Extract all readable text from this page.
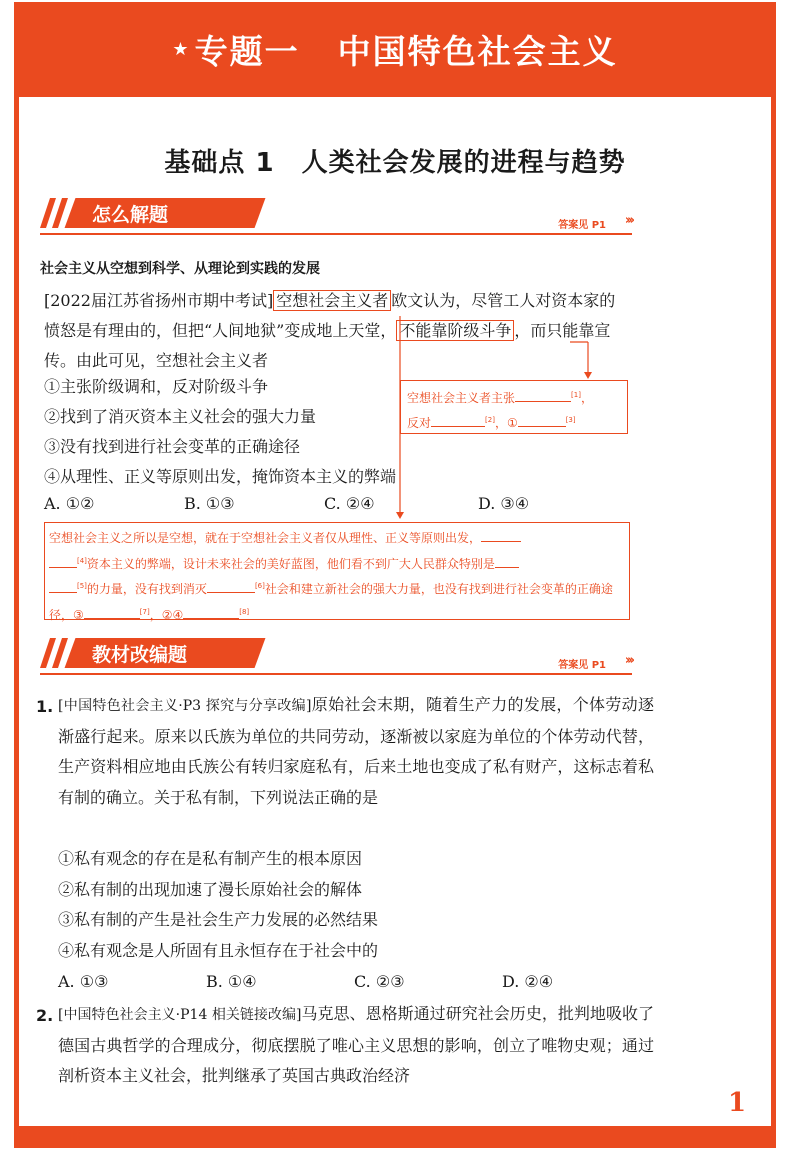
★ 专题一 中国特色社会主义
基础点 1　人类社会发展的进程与趋势
怎么解题	答案见 P1 ›››
社会主义从空想到科学、从理论到实践的发展
[2022届江苏省扬州市期中考试] 空想社会主义者 欧文认为，尽管工人对资本家的愤怒是有理由的，但把“人间地狱”变成地上天堂， 不能靠阶级斗争 ，而只能靠宣传。由此可见，空想社会主义者
①主张阶级调和，反对阶级斗争
②找到了消灭资本主义社会的强大力量
③没有找到进行社会变革的正确途径
④从理性、正义等原则出发，掩饰资本主义的弊端
A. ①②	B. ①③	C. ②④	D. ③④
空想社会主义者主张	[1]，
反对	[2]，①	[3]
空想社会主义之所以是空想，就在于空想社会主义者仅从理性、正义等原则出发，
[4]资本主义的弊端，设计未来社会的美好蓝图，他们看不到广大人民群众特别是
[5]的力量，没有找到消灭	[6]社会和建立新社会的强大力量，也没有找到进行社会变革的正确途径，③	[7]，②④	[8]
教材改编题	答案见 P1 ›››
1. [中国特色社会主义·P3 探究与分享改编]原始社会末期，随着生产力的发展，个体劳动逐渐盛行起来。原来以氏族为单位的共同劳动，逐渐被以家庭为单位的个体劳动代替，生产资料相应地由氏族公有转归家庭私有，后来土地也变成了私有财产，这标志着私有制的确立。关于私有制，下列说法正确的是
①私有观念的存在是私有制产生的根本原因
②私有制的出现加速了漫长原始社会的解体
③私有制的产生是社会生产力发展的必然结果
④私有观念是人所固有且永恒存在于社会中的
A. ①③	B. ①④	C. ②③	D. ②④
2. [中国特色社会主义·P14 相关链接改编]马克思、恩格斯通过研究社会历史，批判地吸收了德国古典哲学的合理成分，彻底摆脱了唯心主义思想的影响，创立了唯物史观；通过剖析资本主义社会，批判继承了英国古典政治经济
1
